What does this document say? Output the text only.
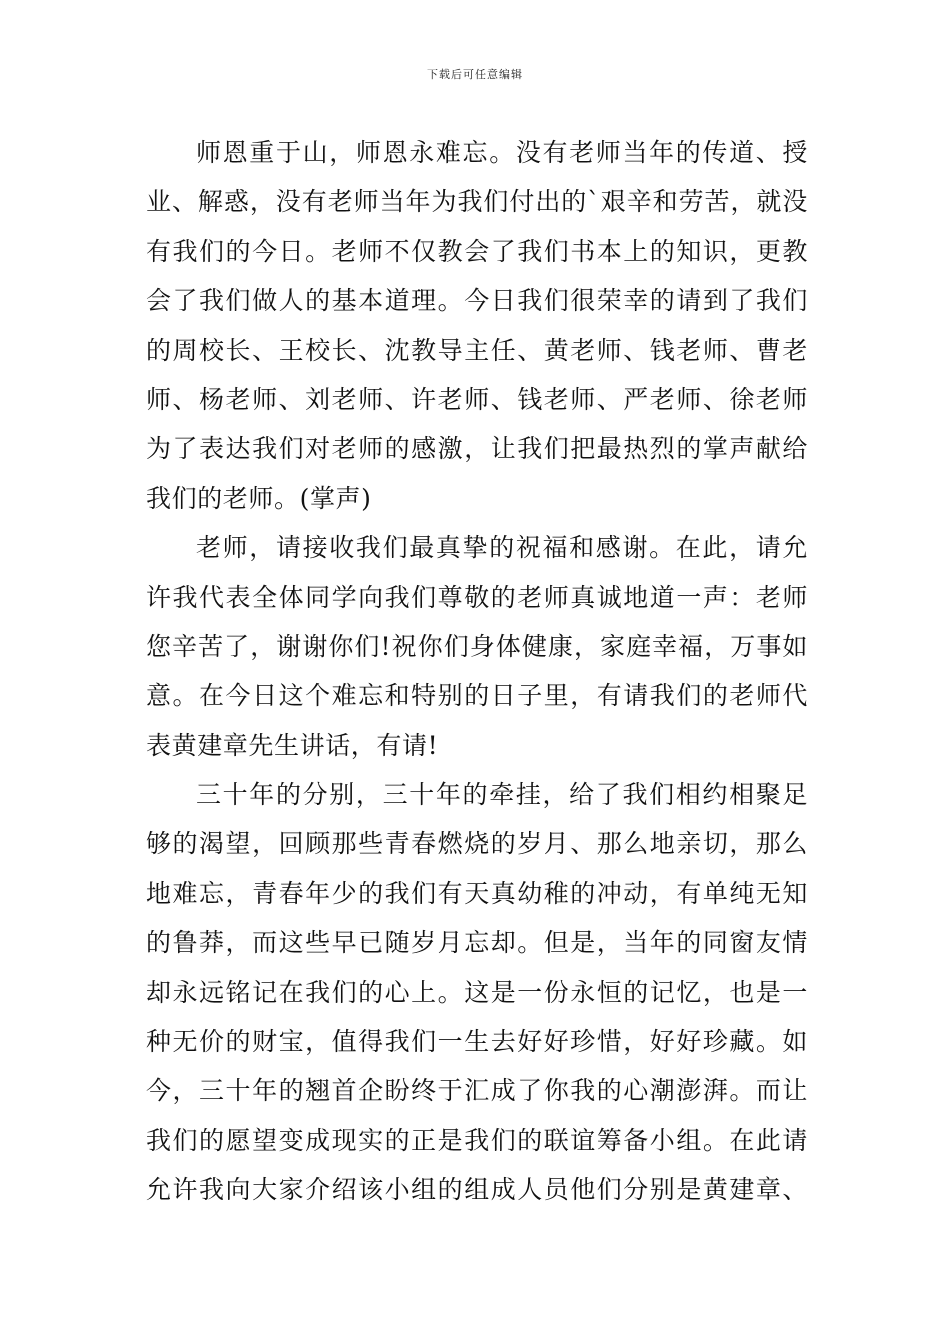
下载后可任意编辑
师恩重于山，师恩永难忘。没有老师当年的传道、授
业、解惑，没有老师当年为我们付出的`艰辛和劳苦，就没
有我们的今日。老师不仅教会了我们书本上的知识，更教
会了我们做人的基本道理。今日我们很荣幸的请到了我们
的周校长、王校长、沈教导主任、黄老师、钱老师、曹老
师、杨老师、刘老师、许老师、钱老师、严老师、徐老师
为了表达我们对老师的感激，让我们把最热烈的掌声献给
我们的老师。(掌声)
老师，请接收我们最真挚的祝福和感谢。在此，请允
许我代表全体同学向我们尊敬的老师真诚地道一声：老师
您辛苦了，谢谢你们!祝你们身体健康，家庭幸福，万事如
意。在今日这个难忘和特别的日子里，有请我们的老师代
表黄建章先生讲话，有请!
三十年的分别，三十年的牵挂，给了我们相约相聚足
够的渴望，回顾那些青春燃烧的岁月、那么地亲切，那么
地难忘，青春年少的我们有天真幼稚的冲动，有单纯无知
的鲁莽，而这些早已随岁月忘却。但是，当年的同窗友情
却永远铭记在我们的心上。这是一份永恒的记忆，也是一
种无价的财宝，值得我们一生去好好珍惜，好好珍藏。如
今，三十年的翘首企盼终于汇成了你我的心潮澎湃。而让
我们的愿望变成现实的正是我们的联谊筹备小组。在此请
允许我向大家介绍该小组的组成人员他们分别是黄建章、
